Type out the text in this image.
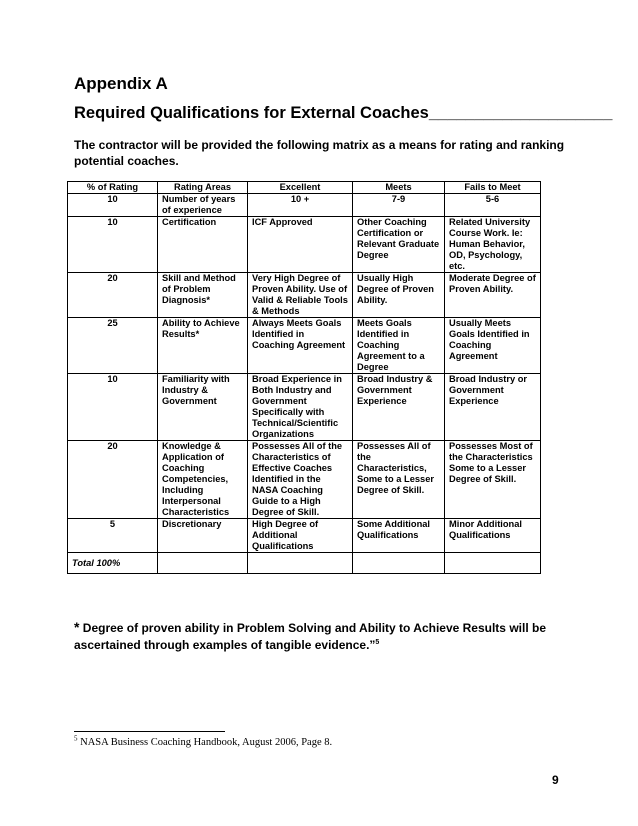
Appendix A
Required Qualifications for External Coaches____________________

The contractor will be provided the following matrix as a means for rating and ranking potential coaches.

% of Rating	Rating Areas	Excellent	Meets	Fails to Meet
10	Number of years of experience	10 +	7-9	5-6
10	Certification	ICF Approved	Other Coaching Certification or Relevant Graduate Degree	Related University Course Work. Ie: Human Behavior, OD, Psychology, etc.
20	Skill and Method of Problem Diagnosis*	Very High Degree of Proven Ability. Use of Valid & Reliable Tools & Methods	Usually High Degree of Proven Ability.	Moderate Degree of Proven Ability.
25	Ability to Achieve Results*	Always Meets Goals Identified in Coaching Agreement	Meets Goals Identified in Coaching Agreement to a Degree	Usually Meets Goals Identified in Coaching Agreement
10	Familiarity with Industry & Government	Broad Experience in Both Industry and Government Specifically with Technical/Scientific Organizations	Broad Industry & Government Experience	Broad Industry or Government Experience
20	Knowledge & Application of Coaching Competencies, Including Interpersonal Characteristics	Possesses All of the Characteristics of Effective Coaches Identified in the NASA Coaching Guide to a High Degree of Skill.	Possesses All of the Characteristics, Some to a Lesser Degree of Skill.	Possesses Most of the Characteristics Some to a Lesser Degree of Skill.
5	Discretionary	High Degree of Additional Qualifications	Some Additional Qualifications	Minor Additional Qualifications
Total 100%				

* Degree of proven ability in Problem Solving and Ability to Achieve Results will be ascertained through examples of tangible evidence.”$^5$

$^5$ NASA Business Coaching Handbook, August 2006, Page 8.

9
